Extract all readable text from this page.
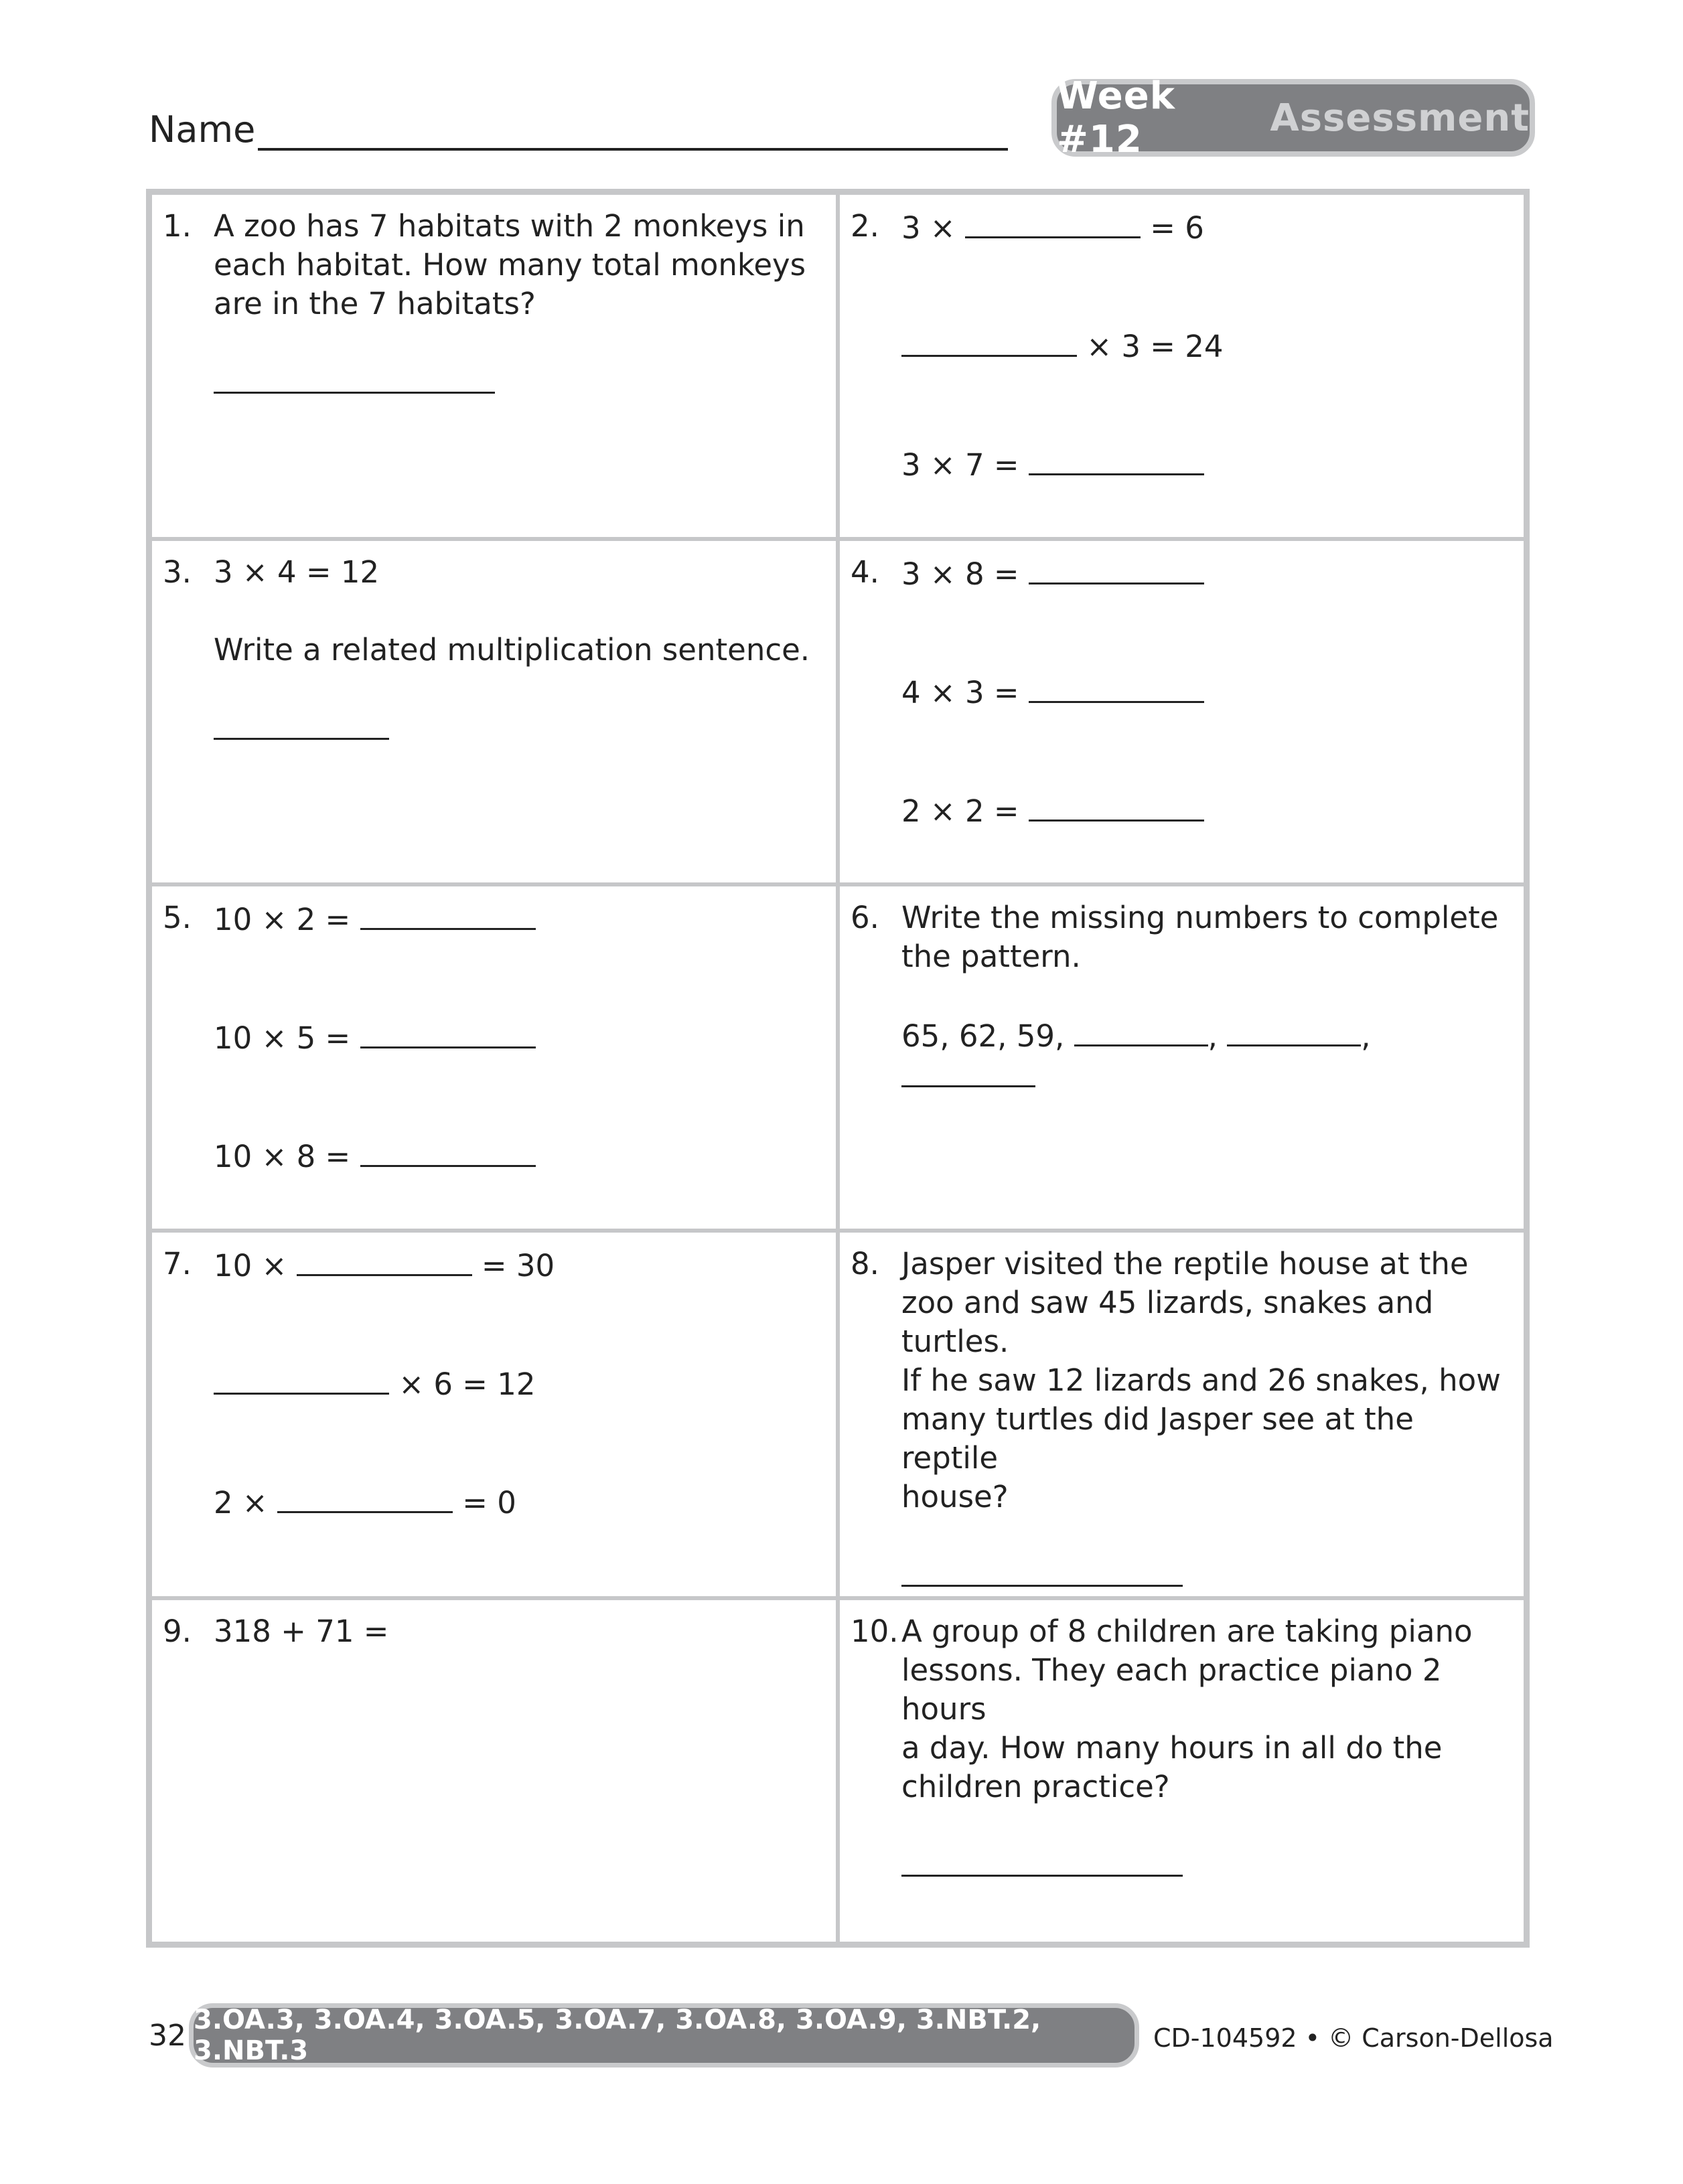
Name
Week #12	Assessment
1. A zoo has 7 habitats with 2 monkeys in

each habitat. How many total monkeys

are in the 7 habitats?

2. 3 ×	= 6

× 3 = 24

3 × 7 =

3. 3 × 4 = 12

Write a related multiplication sentence.

4. 3 × 8 =

4 × 3 =

2 × 2 =

5. 10 × 2 =

10 × 5 =

10 × 8 =

6. Write the missing numbers to complete

the pattern.

65, 62, 59,	,	,

7. 10 ×	= 30

× 6 = 12

2 ×	= 0

8. Jasper visited the reptile house at the

zoo and saw 45 lizards, snakes and turtles.

If he saw 12 lizards and 26 snakes, how

many turtles did Jasper see at the reptile

house?

9. 318 + 71 =	10. A group of 8 children are taking piano

lessons. They each practice piano 2 hours

a day. How many hours in all do the

children practice?

32 3.OA.3, 3.OA.4, 3.OA.5, 3.OA.7, 3.OA.8, 3.OA.9, 3.NBT.2, 3.NBT.3	CD-104592 • © Carson-Dellosa
